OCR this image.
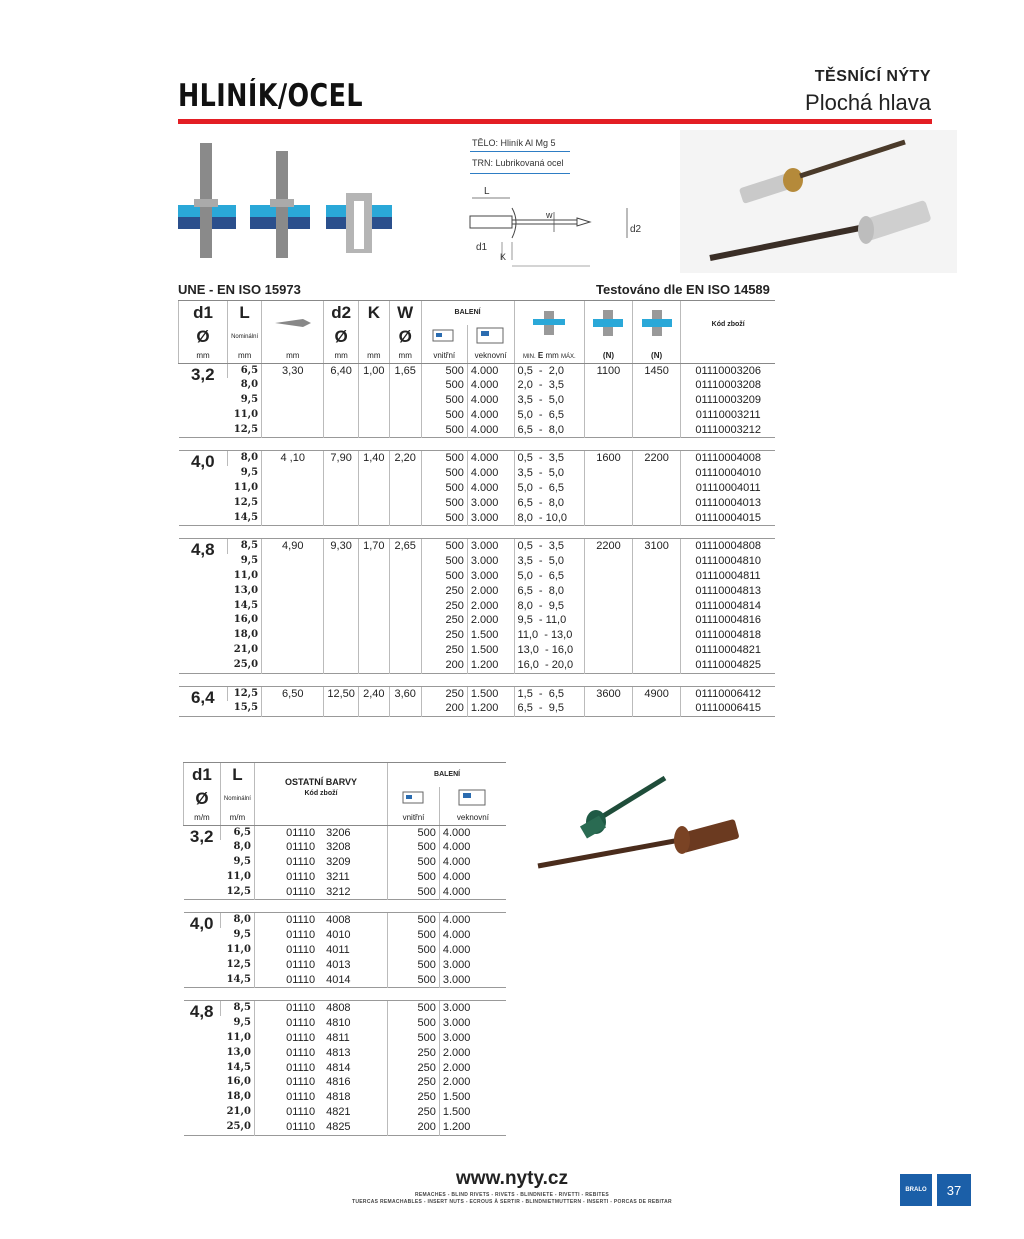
HLINÍK/OCEL
TĚSNÍCÍ NÝTY
Plochá hlava
TĚLO: Hliník Al Mg 5
TRN: Lubrikovaná ocel
L
w
d2
d1
K
UNE - EN ISO 15973	Testováno dle EN ISO 14589
d1	L		d2	K	W	BALENÍ					Kód zboží
Ø	Nominální		Ø		Ø		
mm	mm	mm	mm	mm	mm	vnitřní	veknovní	MIN. E mm MÁX.	(N)	(N)	
3,2	6,5	3,30	6,40	1,00	1,65	500	4.000	0,5  -  2,0	1100	1450	01110003206
	8,0					500	4.000	2,0  -  3,5			01110003208
	9,5					500	4.000	3,5  -  5,0			01110003209
	11,0					500	4.000	5,0  -  6,5			01110003211
	12,5					500	4.000	6,5  -  8,0			01110003212

4,0	8,0	4 ,10	7,90	1,40	2,20	500	4.000	0,5  -  3,5	1600	2200	01110004008
	9,5					500	4.000	3,5  -  5,0			01110004010
	11,0					500	4.000	5,0  -  6,5			01110004011
	12,5					500	3.000	6,5  -  8,0			01110004013
	14,5					500	3.000	8,0  - 10,0			01110004015

4,8	8,5	4,90	9,30	1,70	2,65	500	3.000	0,5  -  3,5	2200	3100	01110004808
	9,5					500	3.000	3,5  -  5,0			01110004810
	11,0					500	3.000	5,0  -  6,5			01110004811
	13,0					250	2.000	6,5  -  8,0			01110004813
	14,5					250	2.000	8,0  -  9,5			01110004814
	16,0					250	2.000	9,5  - 11,0			01110004816
	18,0					250	1.500	11,0  - 13,0			01110004818
	21,0					250	1.500	13,0  - 16,0			01110004821
	25,0					200	1.200	16,0  - 20,0			01110004825

6,4	12,5	6,50	12,50	2,40	3,60	250	1.500	1,5  -  6,5	3600	4900	01110006412
	15,5					200	1.200	6,5  -  9,5			01110006415

d1	L	OSTATNÍ BARVY
Kód zboží		BALENÍ	
Ø	Nominální		
m/m	m/m			vnitřní	veknovní
3,2	6,5	01110	3206	500	4.000
	8,0	01110	3208	500	4.000
	9,5	01110	3209	500	4.000
	11,0	01110	3211	500	4.000
	12,5	01110	3212	500	4.000

4,0	8,0	01110	4008	500	4.000
	9,5	01110	4010	500	4.000
	11,0	01110	4011	500	4.000
	12,5	01110	4013	500	3.000
	14,5	01110	4014	500	3.000

4,8	8,5	01110	4808	500	3.000
	9,5	01110	4810	500	3.000
	11,0	01110	4811	500	3.000
	13,0	01110	4813	250	2.000
	14,5	01110	4814	250	2.000
	16,0	01110	4816	250	2.000
	18,0	01110	4818	250	1.500
	21,0	01110	4821	250	1.500
	25,0	01110	4825	200	1.200

www.nyty.cz
REMACHES - BLIND RIVETS - RIVETS - BLINDNIETE - RIVETTI - REBITES
TUERCAS REMACHABLES - INSERT NUTS - ECROUS À SERTIR - BLINDNIETMUTTERN - INSERTI - PORCAS DE REBITAR
BRALO	37
